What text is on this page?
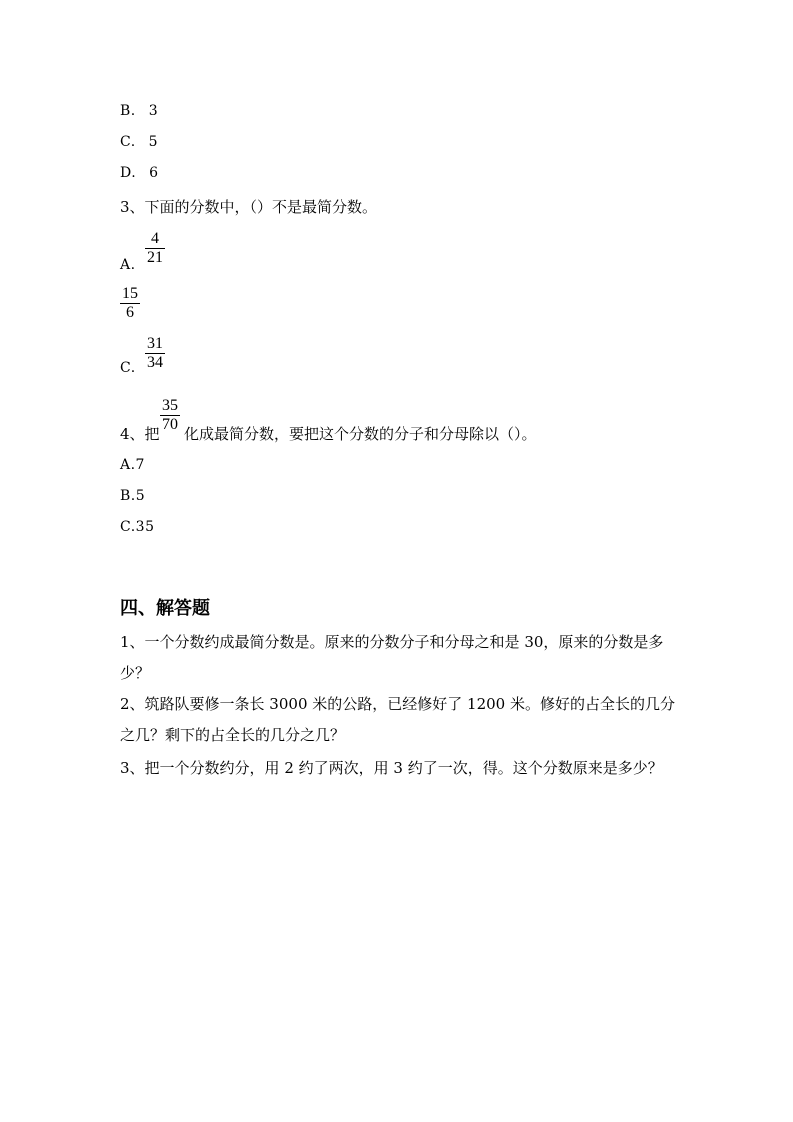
B. 3
C. 5
D. 6
3、下面的分数中，（）不是最简分数。
A.
4
21
15
6
C.
31
34
4、把
35
70
化成最简分数，要把这个分数的分子和分母除以（）。
A.7
B.5
C.35
四、解答题
1、一个分数约成最简分数是。原来的分数分子和分母之和是 30，原来的分数是多少？
2、筑路队要修一条长 3000 米的公路，已经修好了 1200 米。修好的占全长的几分之几？剩下的占全长的几分之几？
3、把一个分数约分，用 2 约了两次，用 3 约了一次，得。这个分数原来是多少？
